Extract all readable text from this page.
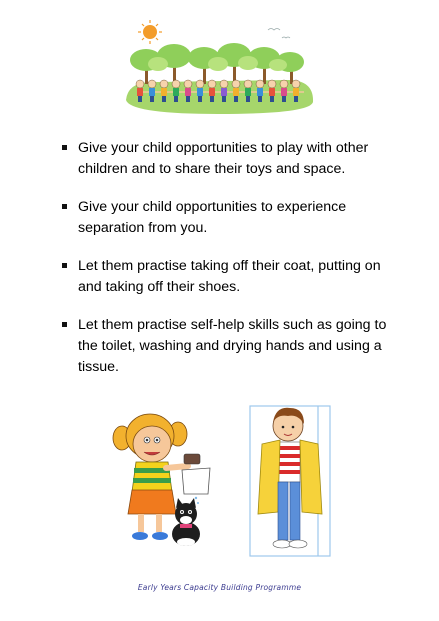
Give your child opportunities to play with other children and to share their toys and space.
Give your child opportunities to experience separation from you.
Let them practise taking off their coat, putting on and taking off their shoes.
Let them practise self-help skills such as going to the toilet, washing and drying hands and using a tissue.
Early Years Capacity Building Programme
